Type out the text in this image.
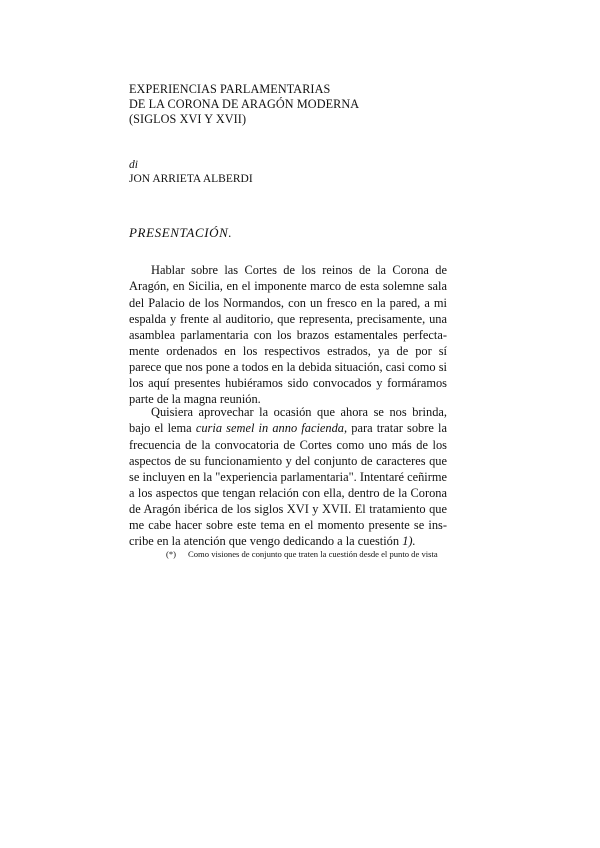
EXPERIENCIAS PARLAMENTARIAS
DE LA CORONA DE ARAGÓN MODERNA
(SIGLOS XVI Y XVII)
di
JON ARRIETA ALBERDI
PRESENTACIÓN.

Hablar sobre las Cortes de los reinos de la Corona de Aragón, en Sicilia, en el imponente marco de esta solemne sala del Palacio de los Normandos, con un fresco en la pared, a mi espalda y frente al auditorio, que representa, precisamente, una asamblea parlamentaria con los brazos estamentales perfectamente ordenados en los respectivos estrados, ya de por sí parece que nos pone a todos en la debida situación, casi como si los aquí presentes hubiéramos sido convocados y formáramos parte de la magna reunión.

Quisiera aprovechar la ocasión que ahora se nos brinda, bajo el lema curia semel in anno facienda, para tratar sobre la frecuencia de la convocatoria de Cortes como uno más de los aspectos de su funcionamiento y del conjunto de caracteres que se incluyen en la "experiencia parlamentaria". Intentaré ceñirme a los aspectos que tengan relación con ella, dentro de la Corona de Aragón ibérica de los siglos XVI y XVII. El tratamiento que me cabe hacer sobre este tema en el momento presente se inscribe en la atención que vengo dedicando a la cuestión 1).

(*) Como visiones de conjunto que traten la cuestión desde el punto de vista
